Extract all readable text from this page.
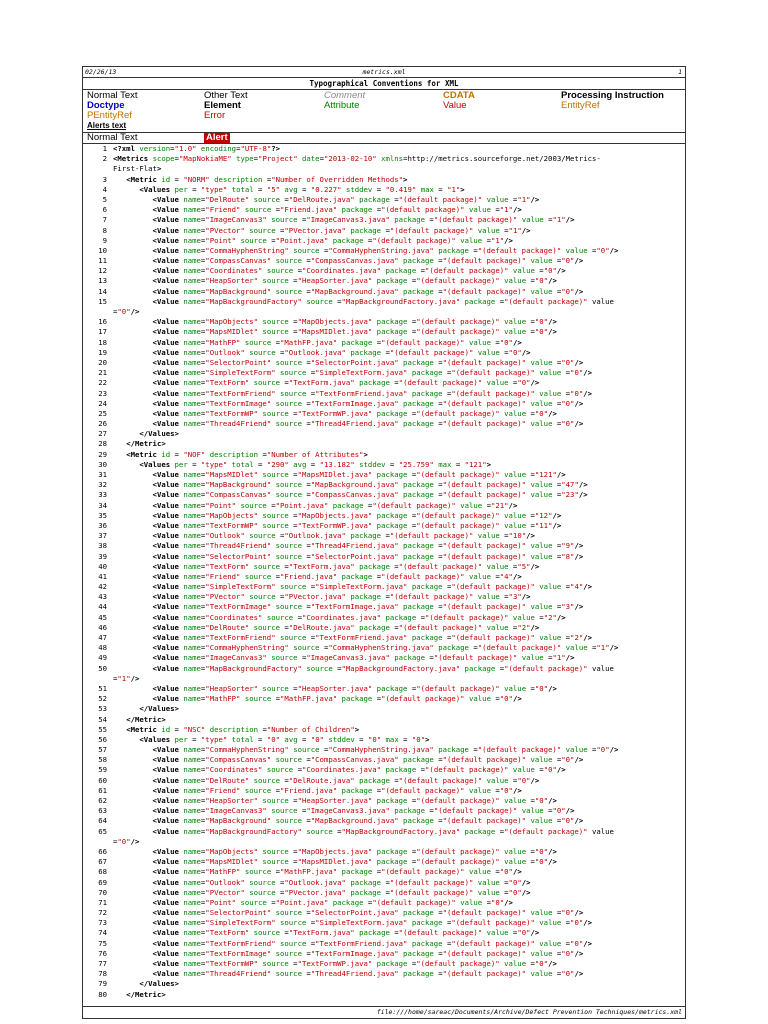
02/26/13	metrics.xml	1
Typographical Conventions for XML
Normal Text	Other Text	Comment	CDATA	Processing Instruction
Doctype	Element	Attribute	Value	EntityRef
PEntityRef	Error
Alerts text
Normal Text	Alert
1 <?xml version="1.0" encoding="UTF-8"?>
2 <Metrics scope="MapNokiaME" type="Project" date="2013-02-10" xmlns=http://metrics.sourceforge.net/2003/Metrics-
First-Flat>
3	<Metric id = "NORM" description ="Number of Overridden Methods">
4	<Values per = "type" total = "5" avg = "0.227" stddev = "0.419" max = "1">
5	<Value name="DelRoute" source ="DelRoute.java" package ="(default package)" value ="1"/>
6	<Value name="Friend" source ="Friend.java" package ="(default package)" value ="1"/>
7	<Value name="ImageCanvas3" source ="ImageCanvas3.java" package ="(default package)" value ="1"/>
8	<Value name="PVector" source ="PVector.java" package ="(default package)" value ="1"/>
9	<Value name="Point" source ="Point.java" package ="(default package)" value ="1"/>
10	<Value name="CommaHyphenString" source ="CommaHyphenString.java" package ="(default package)" value ="0"/>
11	<Value name="CompassCanvas" source ="CompassCanvas.java" package ="(default package)" value ="0"/>
12	<Value name="Coordinates" source ="Coordinates.java" package ="(default package)" value ="0"/>
13	<Value name="HeapSorter" source ="HeapSorter.java" package ="(default package)" value ="0"/>
14	<Value name="MapBackground" source ="MapBackground.java" package ="(default package)" value ="0"/>
15	<Value name="MapBackgroundFactory" source ="MapBackgroundFactory.java" package ="(default package)" value
="0"/>
16	<Value name="MapObjects" source ="MapObjects.java" package ="(default package)" value ="0"/>
17	<Value name="MapsMIDlet" source ="MapsMIDlet.java" package ="(default package)" value ="0"/>
18	<Value name="MathFP" source ="MathFP.java" package ="(default package)" value ="0"/>
19	<Value name="Outlook" source ="Outlook.java" package ="(default package)" value ="0"/>
20	<Value name="SelectorPoint" source ="SelectorPoint.java" package ="(default package)" value ="0"/>
21	<Value name="SimpleTextForm" source ="SimpleTextForm.java" package ="(default package)" value ="0"/>
22	<Value name="TextForm" source ="TextForm.java" package ="(default package)" value ="0"/>
23	<Value name="TextFormFriend" source ="TextFormFriend.java" package ="(default package)" value ="0"/>
24	<Value name="TextFormImage" source ="TextFormImage.java" package ="(default package)" value ="0"/>
25	<Value name="TextFormWP" source ="TextFormWP.java" package ="(default package)" value ="0"/>
26	<Value name="Thread4Friend" source ="Thread4Friend.java" package ="(default package)" value ="0"/>
27	</Values>
28	</Metric>
29	<Metric id = "NOF" description ="Number of Attributes">
30	<Values per = "type" total = "290" avg = "13.182" stddev = "25.759" max = "121">
31	<Value name="MapsMIDlet" source ="MapsMIDlet.java" package ="(default package)" value ="121"/>
32	<Value name="MapBackground" source ="MapBackground.java" package ="(default package)" value ="47"/>
33	<Value name="CompassCanvas" source ="CompassCanvas.java" package ="(default package)" value ="23"/>
34	<Value name="Point" source ="Point.java" package ="(default package)" value ="21"/>
35	<Value name="MapObjects" source ="MapObjects.java" package ="(default package)" value ="12"/>
36	<Value name="TextFormWP" source ="TextFormWP.java" package ="(default package)" value ="11"/>
37	<Value name="Outlook" source ="Outlook.java" package ="(default package)" value ="10"/>
38	<Value name="Thread4Friend" source ="Thread4Friend.java" package ="(default package)" value ="9"/>
39	<Value name="SelectorPoint" source ="SelectorPoint.java" package ="(default package)" value ="8"/>
40	<Value name="TextForm" source ="TextForm.java" package ="(default package)" value ="5"/>
41	<Value name="Friend" source ="Friend.java" package ="(default package)" value ="4"/>
42	<Value name="SimpleTextForm" source ="SimpleTextForm.java" package ="(default package)" value ="4"/>
43	<Value name="PVector" source ="PVector.java" package ="(default package)" value ="3"/>
44	<Value name="TextFormImage" source ="TextFormImage.java" package ="(default package)" value ="3"/>
45	<Value name="Coordinates" source ="Coordinates.java" package ="(default package)" value ="2"/>
46	<Value name="DelRoute" source ="DelRoute.java" package ="(default package)" value ="2"/>
47	<Value name="TextFormFriend" source ="TextFormFriend.java" package ="(default package)" value ="2"/>
48	<Value name="CommaHyphenString" source ="CommaHyphenString.java" package ="(default package)" value ="1"/>
49	<Value name="ImageCanvas3" source ="ImageCanvas3.java" package ="(default package)" value ="1"/>
50	<Value name="MapBackgroundFactory" source ="MapBackgroundFactory.java" package ="(default package)" value
="1"/>
51	<Value name="HeapSorter" source ="HeapSorter.java" package ="(default package)" value ="0"/>
52	<Value name="MathFP" source ="MathFP.java" package ="(default package)" value ="0"/>
53	</Values>
54	</Metric>
55	<Metric id = "NSC" description ="Number of Children">
56	<Values per = "type" total = "0" avg = "0" stddev = "0" max = "0">
57	<Value name="CommaHyphenString" source ="CommaHyphenString.java" package ="(default package)" value ="0"/>
58	<Value name="CompassCanvas" source ="CompassCanvas.java" package ="(default package)" value ="0"/>
59	<Value name="Coordinates" source ="Coordinates.java" package ="(default package)" value ="0"/>
60	<Value name="DelRoute" source ="DelRoute.java" package ="(default package)" value ="0"/>
61	<Value name="Friend" source ="Friend.java" package ="(default package)" value ="0"/>
62	<Value name="HeapSorter" source ="HeapSorter.java" package ="(default package)" value ="0"/>
63	<Value name="ImageCanvas3" source ="ImageCanvas3.java" package ="(default package)" value ="0"/>
64	<Value name="MapBackground" source ="MapBackground.java" package ="(default package)" value ="0"/>
65	<Value name="MapBackgroundFactory" source ="MapBackgroundFactory.java" package ="(default package)" value
="0"/>
66	<Value name="MapObjects" source ="MapObjects.java" package ="(default package)" value ="0"/>
67	<Value name="MapsMIDlet" source ="MapsMIDlet.java" package ="(default package)" value ="0"/>
68	<Value name="MathFP" source ="MathFP.java" package ="(default package)" value ="0"/>
69	<Value name="Outlook" source ="Outlook.java" package ="(default package)" value ="0"/>
70	<Value name="PVector" source ="PVector.java" package ="(default package)" value ="0"/>
71	<Value name="Point" source ="Point.java" package ="(default package)" value ="0"/>
72	<Value name="SelectorPoint" source ="SelectorPoint.java" package ="(default package)" value ="0"/>
73	<Value name="SimpleTextForm" source ="SimpleTextForm.java" package ="(default package)" value ="0"/>
74	<Value name="TextForm" source ="TextForm.java" package ="(default package)" value ="0"/>
75	<Value name="TextFormFriend" source ="TextFormFriend.java" package ="(default package)" value ="0"/>
76	<Value name="TextFormImage" source ="TextFormImage.java" package ="(default package)" value ="0"/>
77	<Value name="TextFormWP" source ="TextFormWP.java" package ="(default package)" value ="0"/>
78	<Value name="Thread4Friend" source ="Thread4Friend.java" package ="(default package)" value ="0"/>
79	</Values>
80	</Metric>
file:///home/sareac/Documents/Archive/Defect Prevention Techniques/metrics.xml
